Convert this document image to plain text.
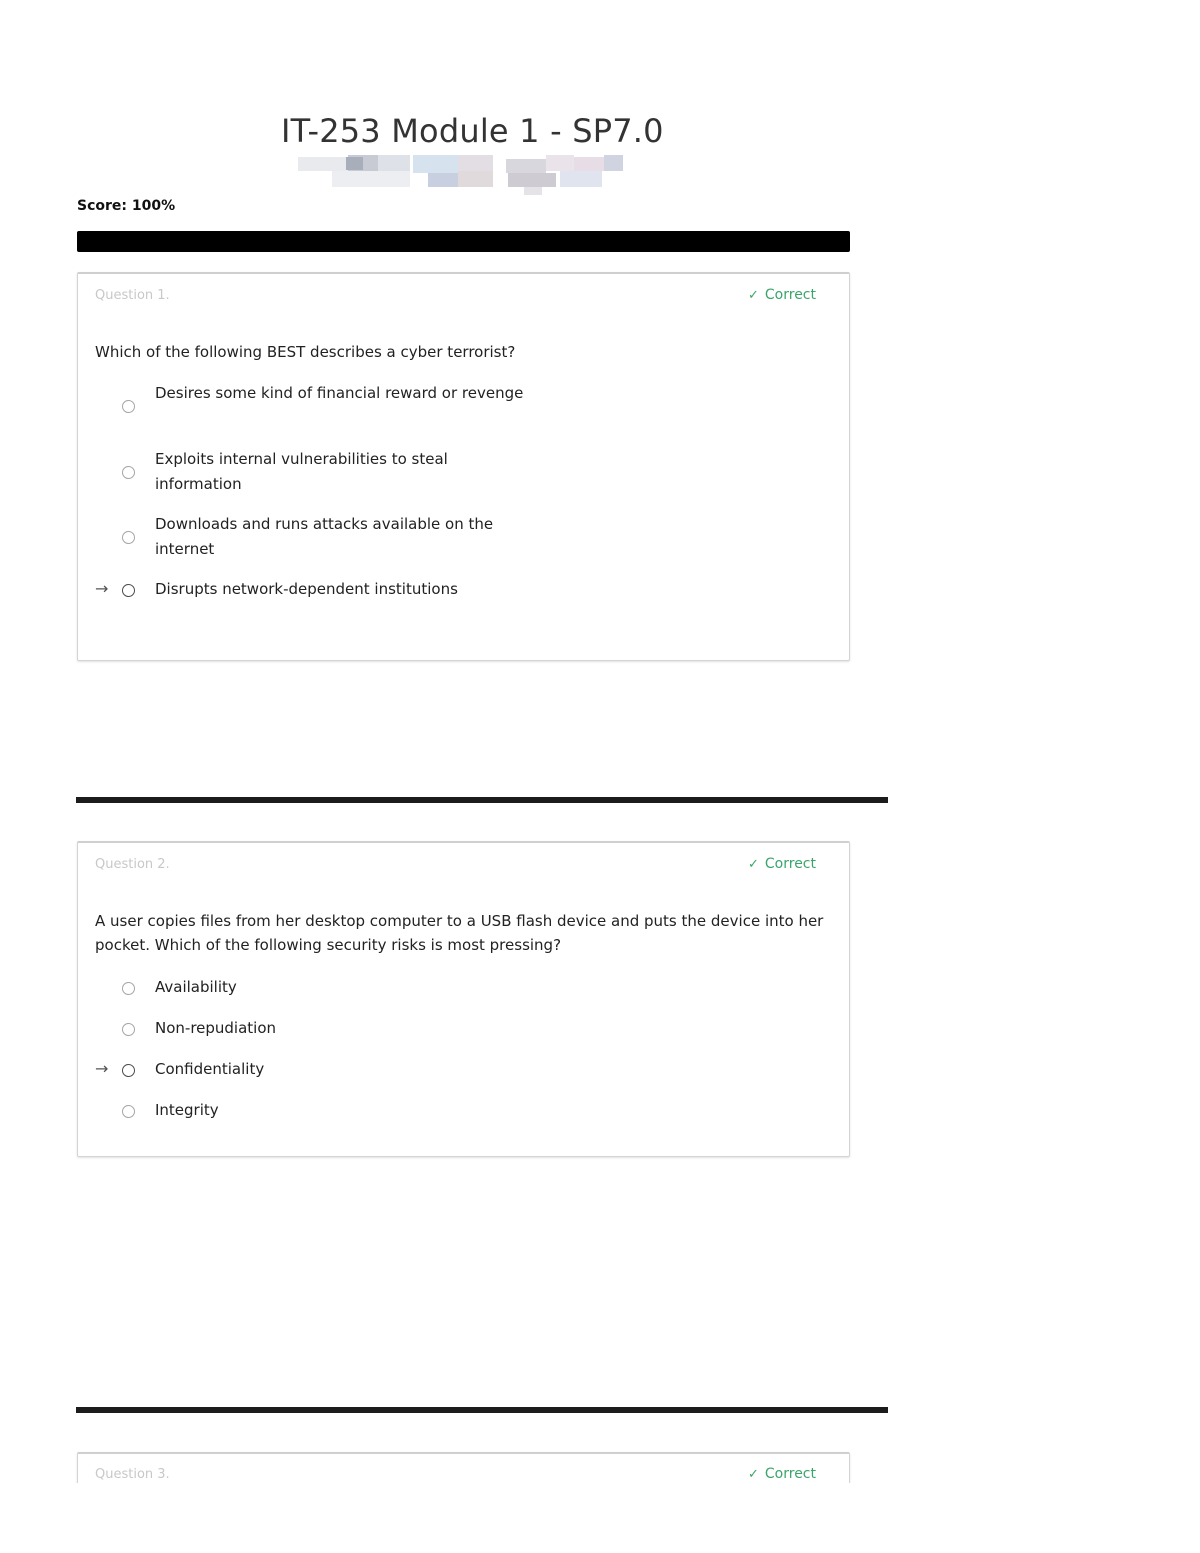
IT-253 Module 1 - SP7.0
Score: 100%
Question 1.	✓ Correct
Which of the following BEST describes a cyber terrorist?
Desires some kind of financial reward or revenge
Exploits internal vulnerabilities to steal information
Downloads and runs attacks available on the internet
→	Disrupts network-dependent institutions
Question 2.	✓ Correct
A user copies files from her desktop computer to a USB flash device and puts the device into her pocket. Which of the following security risks is most pressing?
Availability
Non-repudiation
→	Confidentiality
Integrity
Question 3.	✓ Correct
